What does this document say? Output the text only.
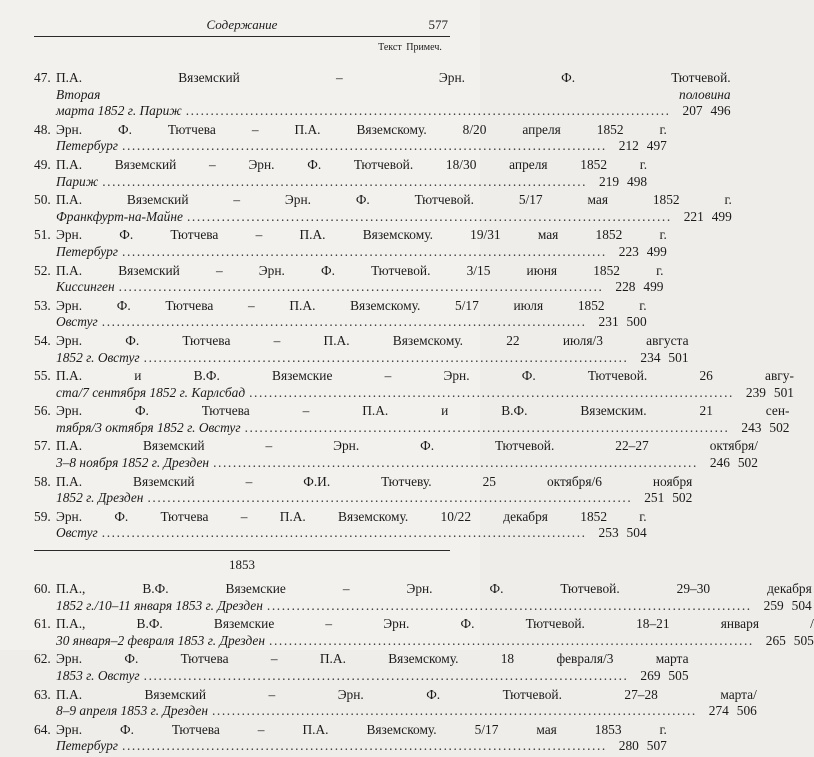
Содержание	577
Текст Примеч.
47. П.А. Вяземский – Эрн. Ф. Тютчевой.
Вторая половина
марта 1852 г. Париж .................................................................................................. 207 496
48. Эрн. Ф. Тютчева – П.А. Вяземскому. 8/20 апреля 1852 г.
Петербург .................................................................................................. 212 497
49. П.А. Вяземский – Эрн. Ф. Тютчевой. 18/30 апреля 1852 г.
Париж .................................................................................................. 219 498
50. П.А. Вяземский – Эрн. Ф. Тютчевой. 5/17 мая 1852 г.
Франкфурт-на-Майне .................................................................................................. 221 499
51. Эрн. Ф. Тютчева – П.А. Вяземскому. 19/31 мая 1852 г.
Петербург .................................................................................................. 223 499
52. П.А. Вяземский – Эрн. Ф. Тютчевой. 3/15 июня 1852 г.
Киссинген .................................................................................................. 228 499
53. Эрн. Ф. Тютчева – П.А. Вяземскому. 5/17 июля 1852 г.
Овстуг .................................................................................................. 231 500
54. Эрн. Ф. Тютчева – П.А. Вяземскому. 22 июля/3 августа
1852 г. Овстуг .................................................................................................. 234 501
55. П.А. и В.Ф. Вяземские – Эрн. Ф. Тютчевой. 26 авгу-
ста/7 сентября 1852 г. Карлсбад .................................................................................................. 239 501
56. Эрн. Ф. Тютчева – П.А. и В.Ф. Вяземским. 21 сен-
тября/3 октября 1852 г. Овстуг .................................................................................................. 243 502
57. П.А. Вяземский – Эрн. Ф. Тютчевой. 22–27 октября/
3–8 ноября 1852 г. Дрезден .................................................................................................. 246 502
58. П.А. Вяземский – Ф.И. Тютчеву. 25 октября/6 ноября
1852 г. Дрезден .................................................................................................. 251 502
59. Эрн. Ф. Тютчева – П.А. Вяземскому. 10/22 декабря 1852 г.
Овстуг .................................................................................................. 253 504
1853
60. П.А., В.Ф. Вяземские – Эрн. Ф. Тютчевой. 29–30 декабря
1852 г./10–11 января 1853 г. Дрезден .................................................................................................. 259 504
61. П.А., В.Ф. Вяземские – Эрн. Ф. Тютчевой. 18–21 января /
30 января–2 февраля 1853 г. Дрезден .................................................................................................. 265 505
62. Эрн. Ф. Тютчева – П.А. Вяземскому. 18 февраля/3 марта
1853 г. Овстуг .................................................................................................. 269 505
63. П.А. Вяземский – Эрн. Ф. Тютчевой. 27–28 марта/
8–9 апреля 1853 г. Дрезден .................................................................................................. 274 506
64. Эрн. Ф. Тютчева – П.А. Вяземскому. 5/17 мая 1853 г.
Петербург .................................................................................................. 280 507
